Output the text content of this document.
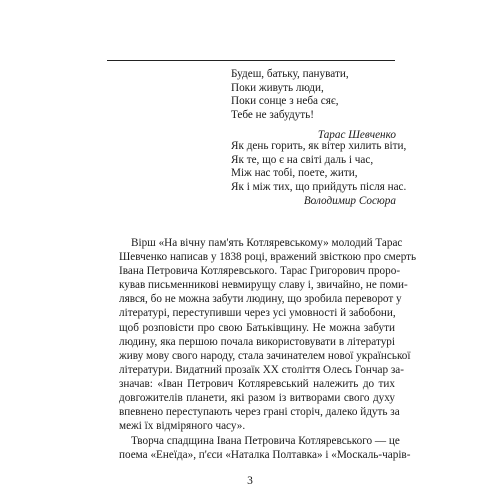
Будеш, батьку, панувати,
Поки живуть люди,
Поки сонце з неба сяє,
Тебе не забудуть!
Тарас Шевченко
Як день горить, як вітер хилить віти,
Як те, що є на світі даль і час,
Між нас тобі, поете, жити,
Як і між тих, що прийдуть після нас.
Володимир Сосюра

Вірш «На вічну пам'ять Котляревському» молодий Тарас
Шевченко написав у 1838 році, вражений звісткою про смерть
Івана Петровича Котляревського. Тарас Григорович проро-
кував письменникові невмирущу славу і, звичайно, не поми-
лявся, бо не можна забути людину, що зробила переворот у
літературі, переступивши через усі умовності й забобони,
щоб розповісти про свою Батьківщину. Не можна забути
людину, яка першою почала використовувати в літературі
живу мову свого народу, стала зачинателем нової української
літератури. Видатний прозаїк XX століття Олесь Гончар за-
значав: «Іван Петрович Котляревський належить до тих
довгожителів планети, які разом із витворами свого духу
впевнено переступають через грані сторіч, далеко йдуть за
межі їх відміряного часу».

Творча спадщина Івана Петровича Котляревського — це
поема «Енеїда», п'єси «Наталка Полтавка» і «Москаль-чарів-

3
